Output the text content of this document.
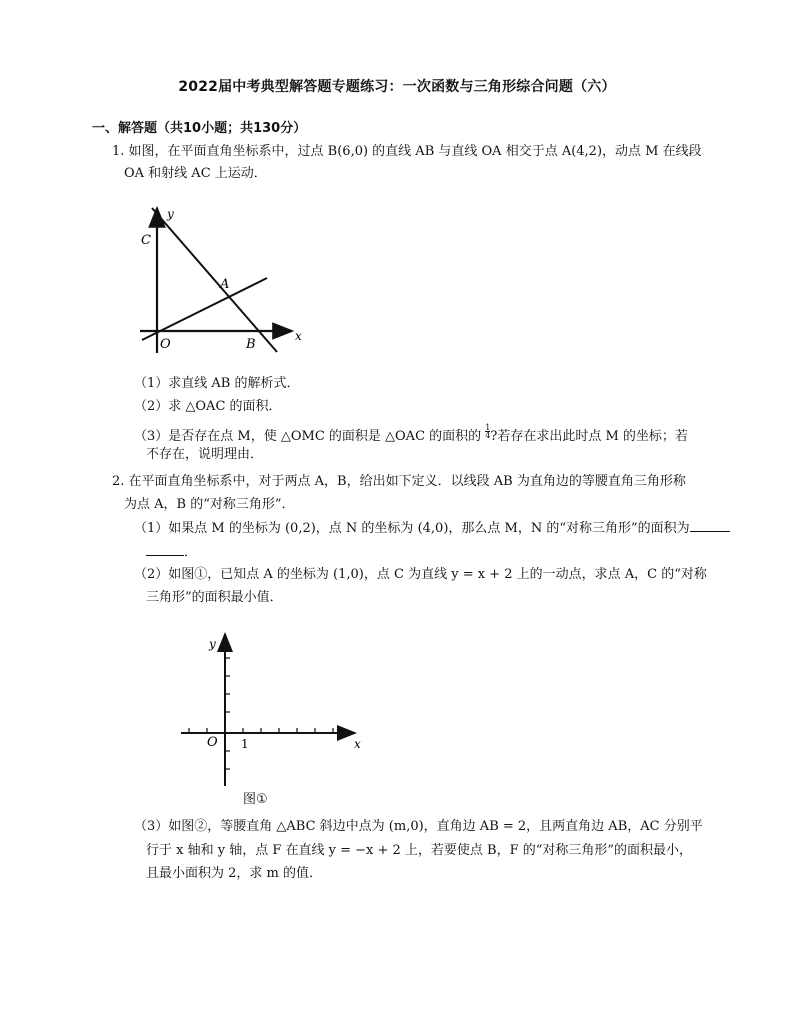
2022届中考典型解答题专题练习：一次函数与三角形综合问题（六）
一、解答题（共10小题；共130分）
1. 如图，在平面直角坐标系中，过点 B(6,0) 的直线 AB 与直线 OA 相交于点 A(4,2)，动点 M 在线段
OA 和射线 AC 上运动．
y
C
A
O	B
x
（1）求直线 AB 的解析式．
（2）求 △OAC 的面积．
（3）是否存在点 M，使 △OMC 的面积是 △OAC 的面积的 $\frac{1}{4}$ ?若存在求出此时点 M 的坐标；若
不存在，说明理由．
2. 在平面直角坐标系中，对于两点 A，B，给出如下定义．以线段 AB 为直角边的等腰直角三角形称
为点 A，B 的“对称三角形”．
（1）如果点 M 的坐标为 (0,2)，点 N 的坐标为 (4,0)，那么点 M，N 的“对称三角形”的面积为
．
（2）如图①，已知点 A 的坐标为 (1,0)，点 C 为直线 y = x + 2 上的一动点，求点 A，C 的“对称
三角形”的面积最小值．
y
O 1	x
图①
（3）如图②，等腰直角 △ABC 斜边中点为 (m,0)，直角边 AB = 2，且两直角边 AB，AC 分别平
行于 x 轴和 y 轴，点 F 在直线 y = −x + 2 上，若要使点 B，F 的“对称三角形”的面积最小，
且最小面积为 2，求 m 的值．
